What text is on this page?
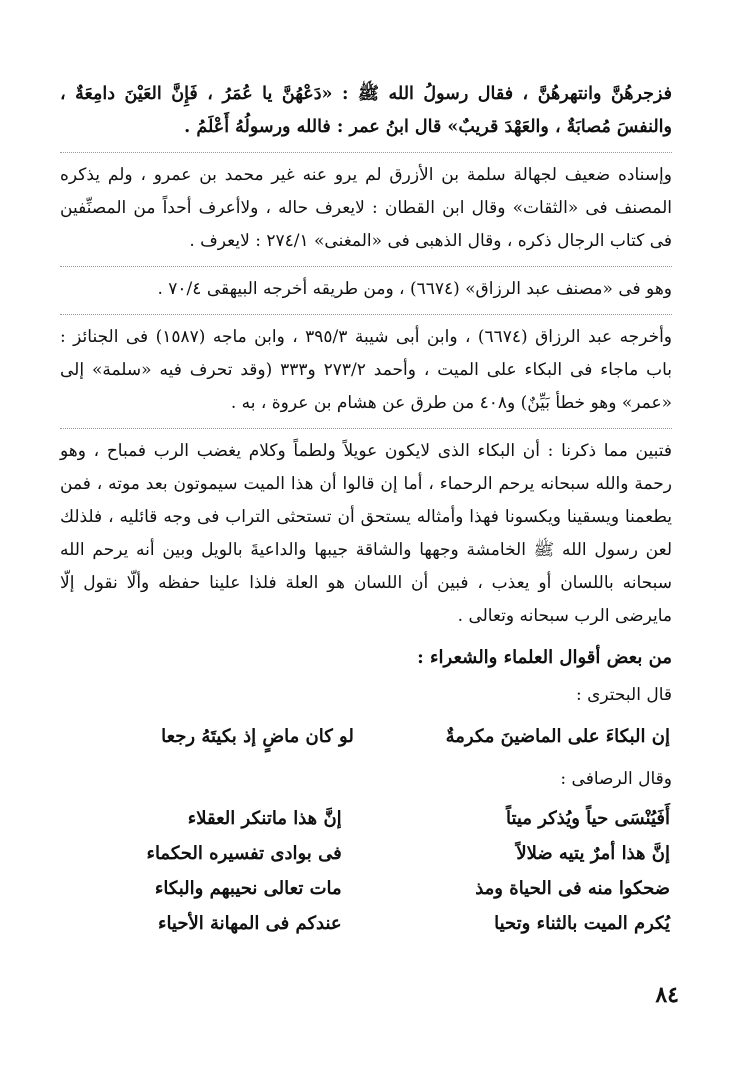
فزجرهُنَّ وانتهرهُنَّ ، فقال رسولُ الله ﷺ : «دَعْهُنَّ يا عُمَرُ ، فَإِنَّ العَيْنَ دامِعَةٌ ، والنفسَ مُصابَةٌ ، والعَهْدَ قريبٌ» قال ابنُ عمر : فالله ورسولُهُ أَعْلَمُ .
وإسناده ضعيف لجهالة سلمة بن الأزرق لم يرو عنه غير محمد بن عمرو ، ولم يذكره المصنف فى «الثقات» وقال ابن القطان : لايعرف حاله ، ولاأعرف أحداً من المصنِّفين فى كتاب الرجال ذكره ، وقال الذهبى فى «المغنى» ٢٧٤/١ : لايعرف .
وهو فى «مصنف عبد الرزاق» (٦٦٧٤) ، ومن طريقه أخرجه البيهقى ٧٠/٤ .
وأخرجه عبد الرزاق (٦٦٧٤) ، وابن أبى شيبة ٣٩٥/٣ ، وابن ماجه (١٥٨٧) فى الجنائز : باب ماجاء فى البكاء على الميت ، وأحمد ٢٧٣/٢ و٣٣٣ (وقد تحرف فيه «سلمة» إلى «عمر» وهو خطأ بَيِّنٌ) و٤٠٨ من طرق عن هشام بن عروة ، به .
فتبين مما ذكرنا : أن البكاء الذى لايكون عويلاً ولطماً وكلام يغضب الرب فمباح ، وهو رحمة والله سبحانه يرحم الرحماء ، أما إن قالوا أن هذا الميت سيموتون بعد موته ، فمن يطعمنا ويسقينا ويكسونا فهذا وأمثاله يستحق أن تستحثى التراب فى وجه قائليه ، فلذلك لعن رسول الله ﷺ الخامشة وجهها والشاقة جيبها والداعيةَ بالويل وبين أنه يرحم الله سبحانه باللسان أو يعذب ، فبين أن اللسان هو العلة فلذا علينا حفظه وألّا نقول إلّا مايرضى الرب سبحانه وتعالى .
من بعض أقوال العلماء والشعراء :
قال البحترى :
إن البكاءَ على الماضينَ مكرمةٌ
لو كان ماضٍ إذ بكيتَهُ رجعا
وقال الرصافى :
أَفَيُنْسَى حياً ويُذكر ميتاً
إنَّ هذا ماتنكر العقلاء
إنَّ هذا أمرٌ يتيه ضلالاً
فى بوادى تفسيره الحكماء
ضحكوا منه فى الحياة ومذ
مات تعالى نحيبهم والبكاء
يُكرم الميت بالثناء وتحيا
عندكم فى المهانة الأحياء
٨٤
